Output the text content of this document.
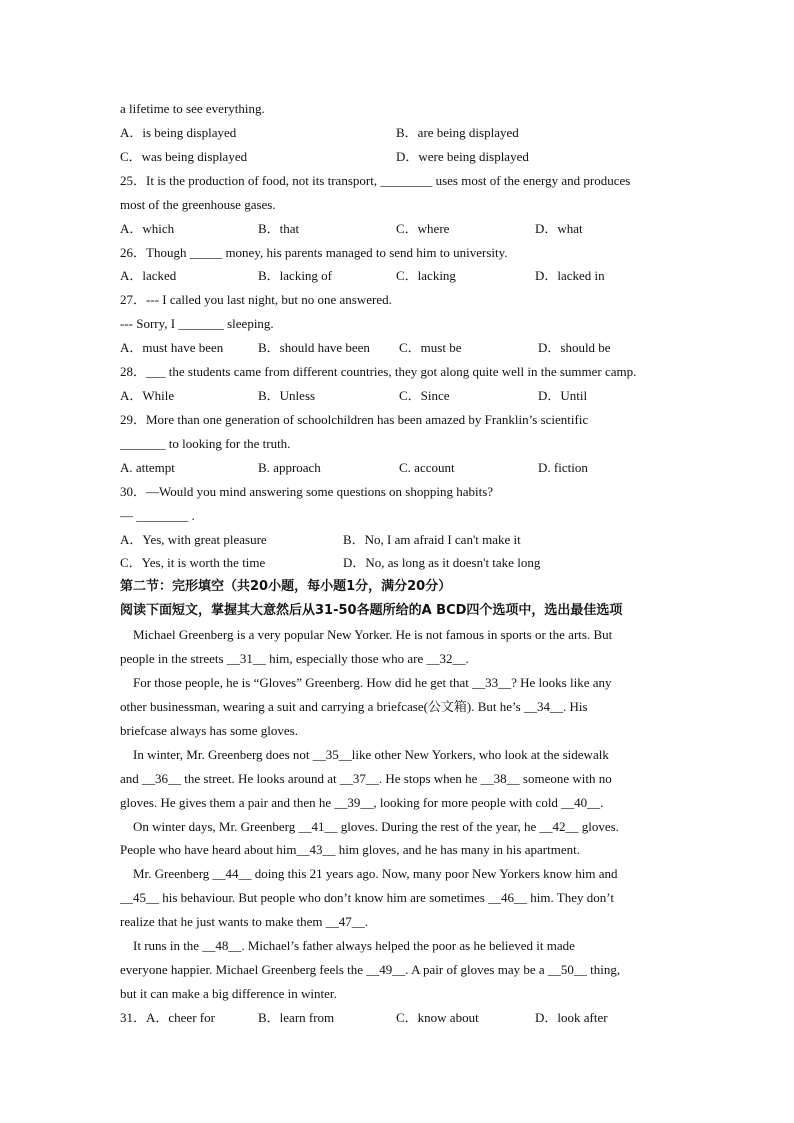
a lifetime to see everything.
A．is being displayed	B．are being displayed
C．was being displayed	D．were being displayed
25．It is the production of food, not its transport, ________ uses most of the energy and produces
most of the greenhouse gases.
A．which	B．that	C．where	D．what
26．Though _____ money, his parents managed to send him to university.
A．lacked	B．lacking of	C．lacking	D．lacked in
27．--- I called you last night, but no one answered.
--- Sorry, I _______ sleeping.
A．must have been	B．should have been C．must be	D．should be
28．___ the students came from different countries, they got along quite well in the summer camp.
A．While	B．Unless	C．Since	D．Until
29．More than one generation of schoolchildren has been amazed by Franklin’s scientific
_______ to looking for the truth.
A. attempt	B. approach	C. account	D. fiction
30．—Would you mind answering some questions on shopping habits?
— ________ .
A．Yes, with great pleasure	B．No, I am afraid I can't make it
C．Yes, it is worth the time	D．No, as long as it doesn't take long
第二节：完形填空（共20小题，每小题1分，满分20分）
阅读下面短文，掌握其大意然后从31-50各题所给的A BCD四个选项中，选出最佳选项
Michael Greenberg is a very popular New Yorker. He is not famous in sports or the arts. But
people in the streets __31__ him, especially those who are __32__.
For those people, he is “Gloves” Greenberg. How did he get that __33__? He looks like any
other businessman, wearing a suit and carrying a briefcase(公文箱). But he’s __34__. His
briefcase always has some gloves.
In winter, Mr. Greenberg does not __35__like other New Yorkers, who look at the sidewalk
and __36__ the street. He looks around at __37__. He stops when he __38__ someone with no
gloves. He gives them a pair and then he __39__, looking for more people with cold __40__.
On winter days, Mr. Greenberg __41__ gloves. During the rest of the year, he __42__ gloves.
People who have heard about him__43__ him gloves, and he has many in his apartment.
Mr. Greenberg __44__ doing this 21 years ago. Now, many poor New Yorkers know him and
__45__ his behaviour. But people who don’t know him are sometimes __46__ him. They don’t
realize that he just wants to make them __47__.
It runs in the __48__. Michael’s father always helped the poor as he believed it made
everyone happier. Michael Greenberg feels the __49__. A pair of gloves may be a __50__ thing,
but it can make a big difference in winter.
31．A．cheer for	B．learn from	C．know about	D．look after
